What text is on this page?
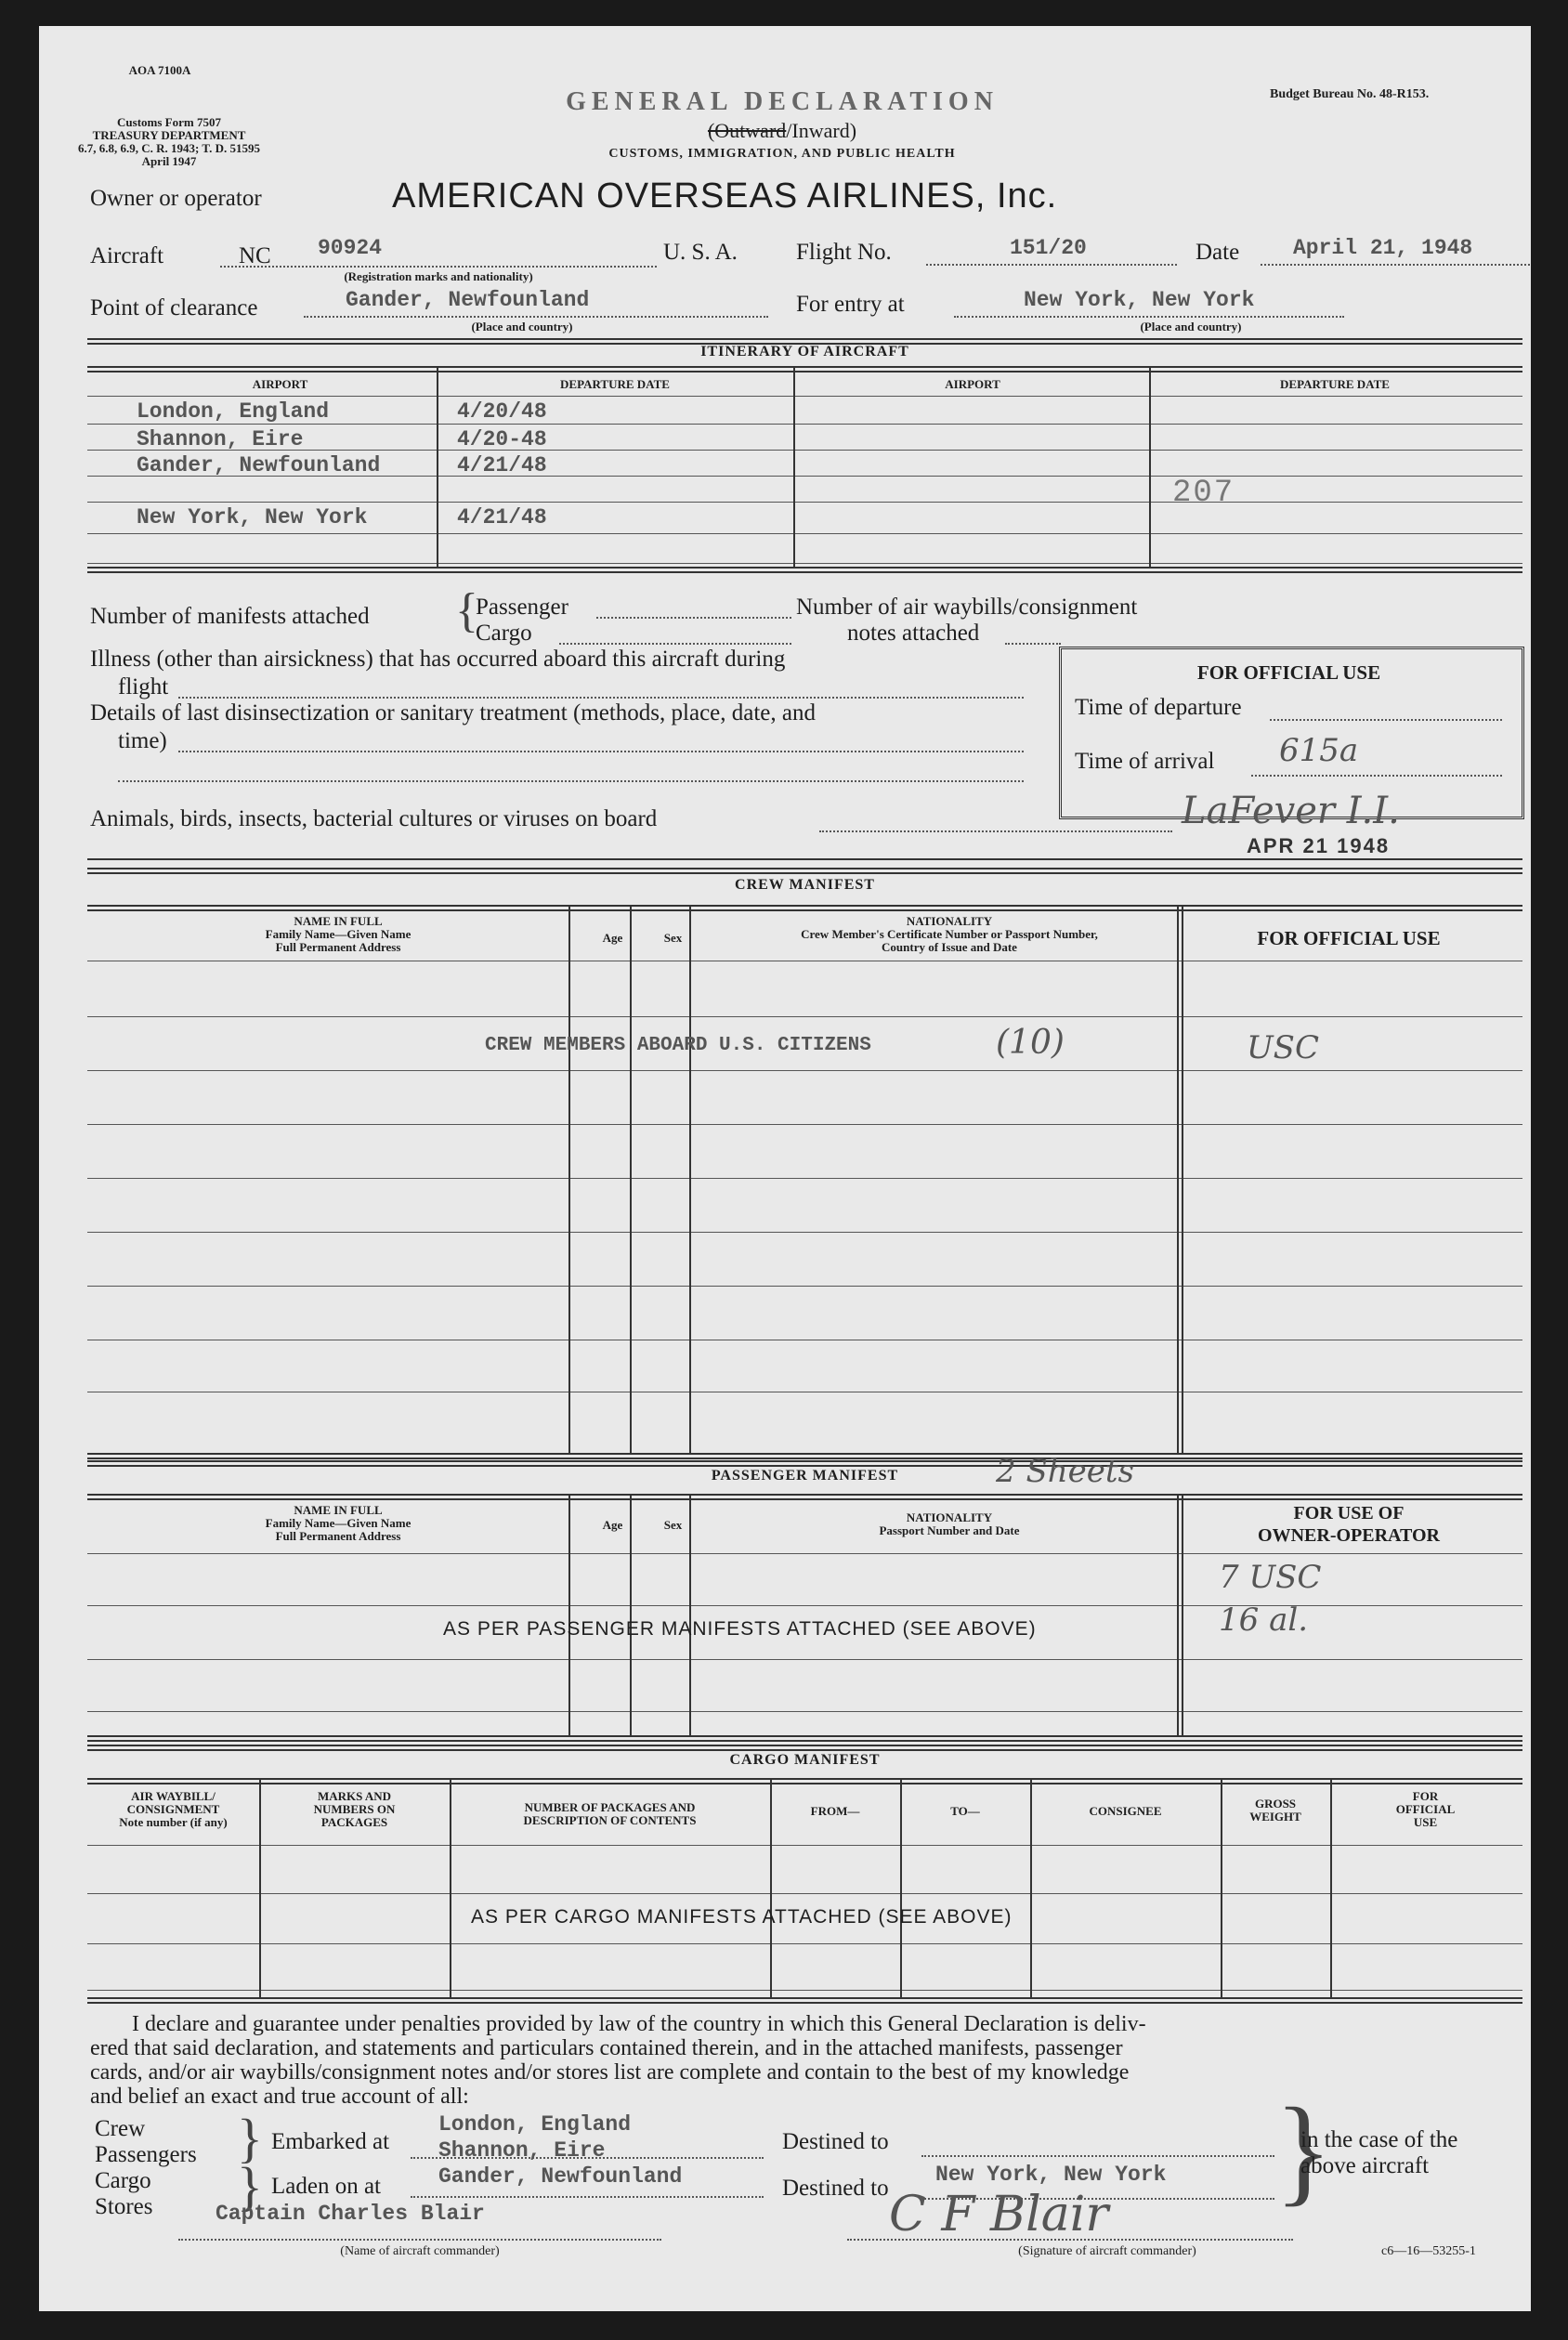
AOA 7100A
Customs Form 7507
TREASURY DEPARTMENT
6.7, 6.8, 6.9, C. R. 1943; T. D. 51595
April 1947
GENERAL DECLARATION
(Outward/Inward)
CUSTOMS, IMMIGRATION, AND PUBLIC HEALTH
Budget Bureau No. 48-R153.
Owner or operator	AMERICAN OVERSEAS AIRLINES, Inc.
Aircraft	NC 90924
(Registration marks and nationality)
U. S. A.	Flight No.	151/20	Date	April 21, 1948
Point of clearance	Gander, Newfounland
(Place and country)
For entry at	New York, New York
(Place and country)
ITINERARY OF AIRCRAFT
AIRPORT	DEPARTURE DATE	AIRPORT	DEPARTURE DATE
London, England	4/20/48
Shannon, Eire	4/20-48
Gander, Newfounland	4/21/48
New York, New York	4/21/48
207
Number of manifests attached {
Passenger
Cargo
Number of air waybills/consignment
notes attached
Illness (other than airsickness) that has occurred aboard this aircraft during
flight
Details of last disinsectization or sanitary treatment (methods, place, date, and
time)
FOR OFFICIAL USE
Time of departure
Time of arrival 615a
Animals, birds, insects, bacterial cultures or viruses on board	LaFever I.I.
APR 21 1948
CREW MANIFEST
NAME IN FULL
Family Name—Given Name
Full Permanent Address
Age	Sex
NATIONALITY
Crew Member's Certificate Number or Passport Number,
Country of Issue and Date	FOR OFFICIAL USE
CREW MEMBERS ABOARD U.S. CITIZENS	(10)	USC
PASSENGER MANIFEST	2 Sheets
NAME IN FULL
Family Name—Given Name
Full Permanent Address
Age	Sex
NATIONALITY
Passport Number and Date
FOR USE OF
OWNER-OPERATOR
AS PER PASSENGER MANIFESTS ATTACHED (SEE ABOVE)
7 USC
16 al.
CARGO MANIFEST
AIR WAYBILL/
CONSIGNMENT
Note number (if any)
MARKS AND
NUMBERS ON
PACKAGES
NUMBER OF PACKAGES AND
DESCRIPTION OF CONTENTS
FROM—	TO—	CONSIGNEE
GROSS
WEIGHT
FOR
OFFICIAL
USE
AS PER CARGO MANIFESTS ATTACHED (SEE ABOVE)
I declare and guarantee under penalties provided by law of the country in which this General Declaration is deliv-
ered that said declaration, and statements and particulars contained therein, and in the attached manifests, passenger
cards, and/or air waybills/consignment notes and/or stores list are complete and contain to the best of my knowledge
and belief an exact and true account of all:
Crew
Passengers
Cargo
Stores
}
}
Embarked at
Laden on at
London, England
Shannon, Eire
Gander, Newfounland
Destined to
Destined to
New York, New York }
in the case of the
above aircraft
Captain Charles Blair
(Name of aircraft commander)
C F Blair
(Signature of aircraft commander)	c6—16—53255-1
